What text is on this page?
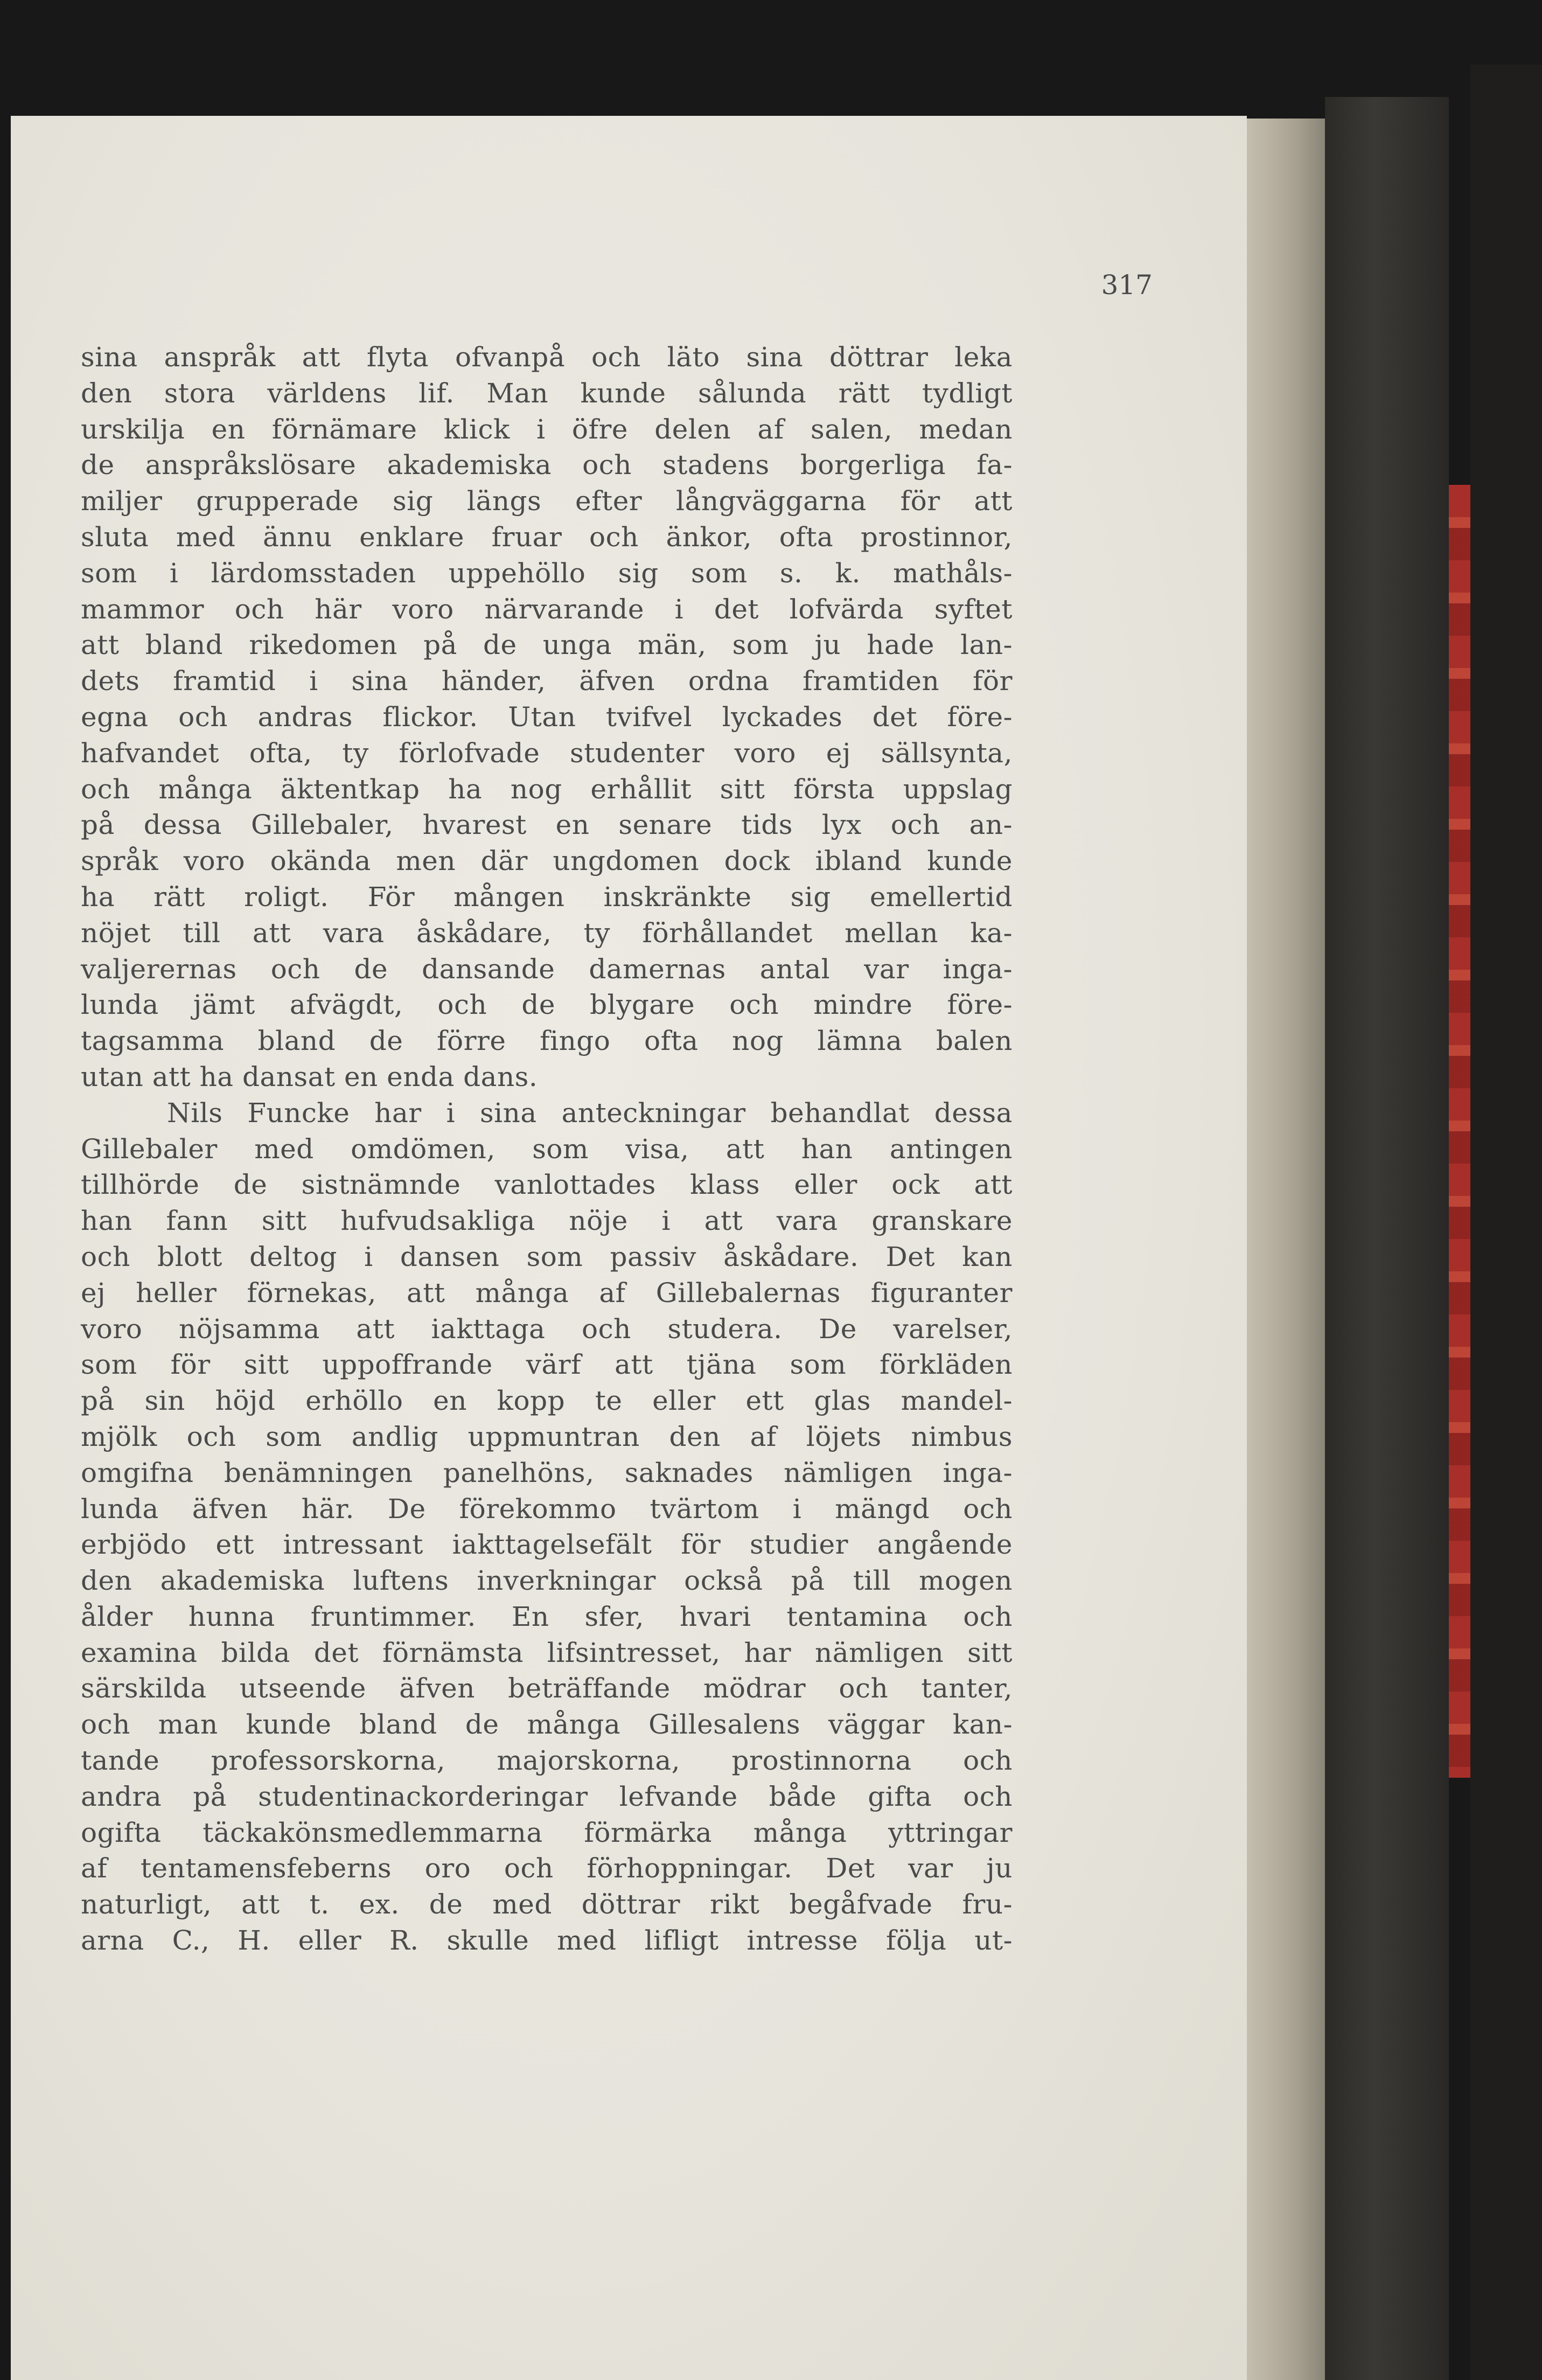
317

sina anspråk att flyta ofvanpå och läto sina döttrar leka
den stora världens lif. Man kunde sålunda rätt tydligt
urskilja en förnämare klick i öfre delen af salen, medan
de anspråkslösare akademiska och stadens borgerliga fa-
miljer grupperade sig längs efter långväggarna för att
sluta med ännu enklare fruar och änkor, ofta prostinnor,
som i lärdomsstaden uppehöllo sig som s. k. mathåls-
mammor och här voro närvarande i det lofvärda syftet
att bland rikedomen på de unga män, som ju hade lan-
dets framtid i sina händer, äfven ordna framtiden för
egna och andras flickor. Utan tvifvel lyckades det före-
hafvandet ofta, ty förlofvade studenter voro ej sällsynta,
och många äktentkap ha nog erhållit sitt första uppslag
på dessa Gillebaler, hvarest en senare tids lyx och an-
språk voro okända men där ungdomen dock ibland kunde
ha rätt roligt. För mången inskränkte sig emellertid
nöjet till att vara åskådare, ty förhållandet mellan ka-
valjerernas och de dansande damernas antal var inga-
lunda jämt afvägdt, och de blygare och mindre före-
tagsamma bland de förre fingo ofta nog lämna balen
utan att ha dansat en enda dans.
Nils Funcke har i sina anteckningar behandlat dessa
Gillebaler med omdömen, som visa, att han antingen
tillhörde de sistnämnde vanlottades klass eller ock att
han fann sitt hufvudsakliga nöje i att vara granskare
och blott deltog i dansen som passiv åskådare. Det kan
ej heller förnekas, att många af Gillebalernas figuranter
voro nöjsamma att iakttaga och studera. De varelser,
som för sitt uppoffrande värf att tjäna som förkläden
på sin höjd erhöllo en kopp te eller ett glas mandel-
mjölk och som andlig uppmuntran den af löjets nimbus
omgifna benämningen panelhöns, saknades nämligen inga-
lunda äfven här. De förekommo tvärtom i mängd och
erbjödo ett intressant iakttagelsefält för studier angående
den akademiska luftens inverkningar också på till mogen
ålder hunna fruntimmer. En sfer, hvari tentamina och
examina bilda det förnämsta lifsintresset, har nämligen sitt
särskilda utseende äfven beträffande mödrar och tanter,
och man kunde bland de många Gillesalens väggar kan-
tande professorskorna, majorskorna, prostinnorna och
andra på studentinackorderingar lefvande både gifta och
ogifta täckakönsmedlemmarna förmärka många yttringar
af tentamensfeberns oro och förhoppningar. Det var ju
naturligt, att t. ex. de med döttrar rikt begåfvade fru-
arna C., H. eller R. skulle med lifligt intresse följa ut-
